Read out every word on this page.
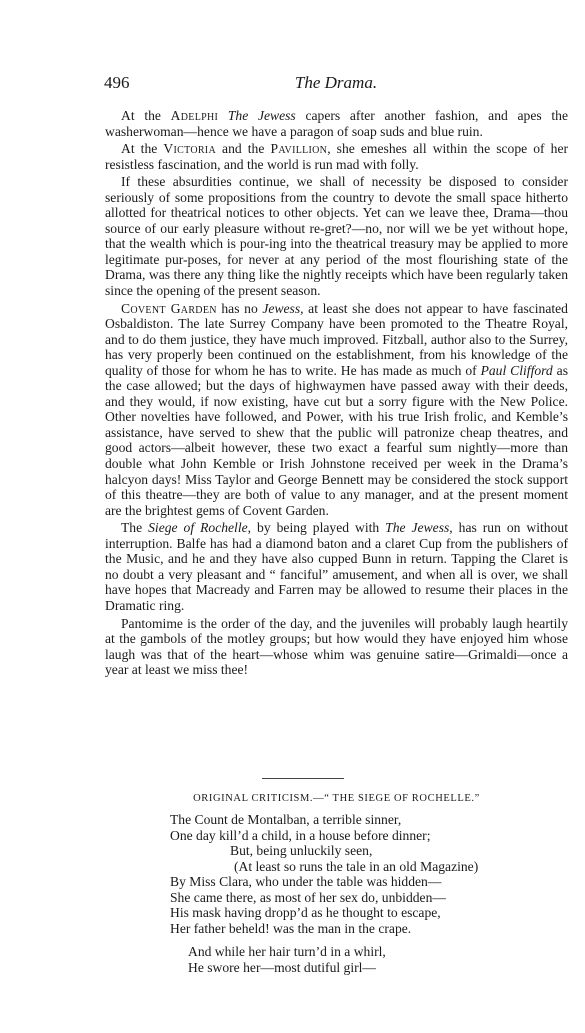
496	The Drama.

At the Adelphi The Jewess capers after another fashion, and apes the washerwoman—hence we have a paragon of soap suds and blue ruin.

At the Victoria and the Pavillion, she emeshes all within the scope of her resistless fascination, and the world is run mad with folly.

If these absurdities continue, we shall of necessity be disposed to consider seriously of some propositions from the country to devote the small space hitherto allotted for theatrical notices to other objects. Yet can we leave thee, Drama—thou source of our early pleasure without re-gret?—no, nor will we be yet without hope, that the wealth which is pour-ing into the theatrical treasury may be applied to more legitimate pur-poses, for never at any period of the most flourishing state of the Drama, was there any thing like the nightly receipts which have been regularly taken since the opening of the present season.

Covent Garden has no Jewess, at least she does not appear to have fascinated Osbaldiston. The late Surrey Company have been promoted to the Theatre Royal, and to do them justice, they have much improved. Fitzball, author also to the Surrey, has very properly been continued on the establishment, from his knowledge of the quality of those for whom he has to write. He has made as much of Paul Clifford as the case allowed; but the days of highwaymen have passed away with their deeds, and they would, if now existing, have cut but a sorry figure with the New Police. Other novelties have followed, and Power, with his true Irish frolic, and Kemble’s assistance, have served to shew that the public will patronize cheap theatres, and good actors—albeit however, these two exact a fearful sum nightly—more than double what John Kemble or Irish Johnstone received per week in the Drama’s halcyon days! Miss Taylor and George Bennett may be considered the stock support of this theatre—they are both of value to any manager, and at the present moment are the brightest gems of Covent Garden.

The Siege of Rochelle, by being played with The Jewess, has run on without interruption. Balfe has had a diamond baton and a claret Cup from the publishers of the Music, and he and they have also cupped Bunn in return. Tapping the Claret is no doubt a very pleasant and “ fanciful” amusement, and when all is over, we shall have hopes that Macready and Farren may be allowed to resume their places in the Dramatic ring.

Pantomime is the order of the day, and the juveniles will probably laugh heartily at the gambols of the motley groups; but how would they have enjoyed him whose laugh was that of the heart—whose whim was genuine satire—Grimaldi—once a year at least we miss thee!

ORIGINAL CRITICISM.—“ THE SIEGE OF ROCHELLE.”
The Count de Montalban, a terrible sinner,
One day kill’d a child, in a house before dinner;
But, being unluckily seen,
(At least so runs the tale in an old Magazine)
By Miss Clara, who under the table was hidden—
She came there, as most of her sex do, unbidden—
His mask having dropp’d as he thought to escape,
Her father beheld! was the man in the crape.
And while her hair turn’d in a whirl,
He swore her—most dutiful girl—
